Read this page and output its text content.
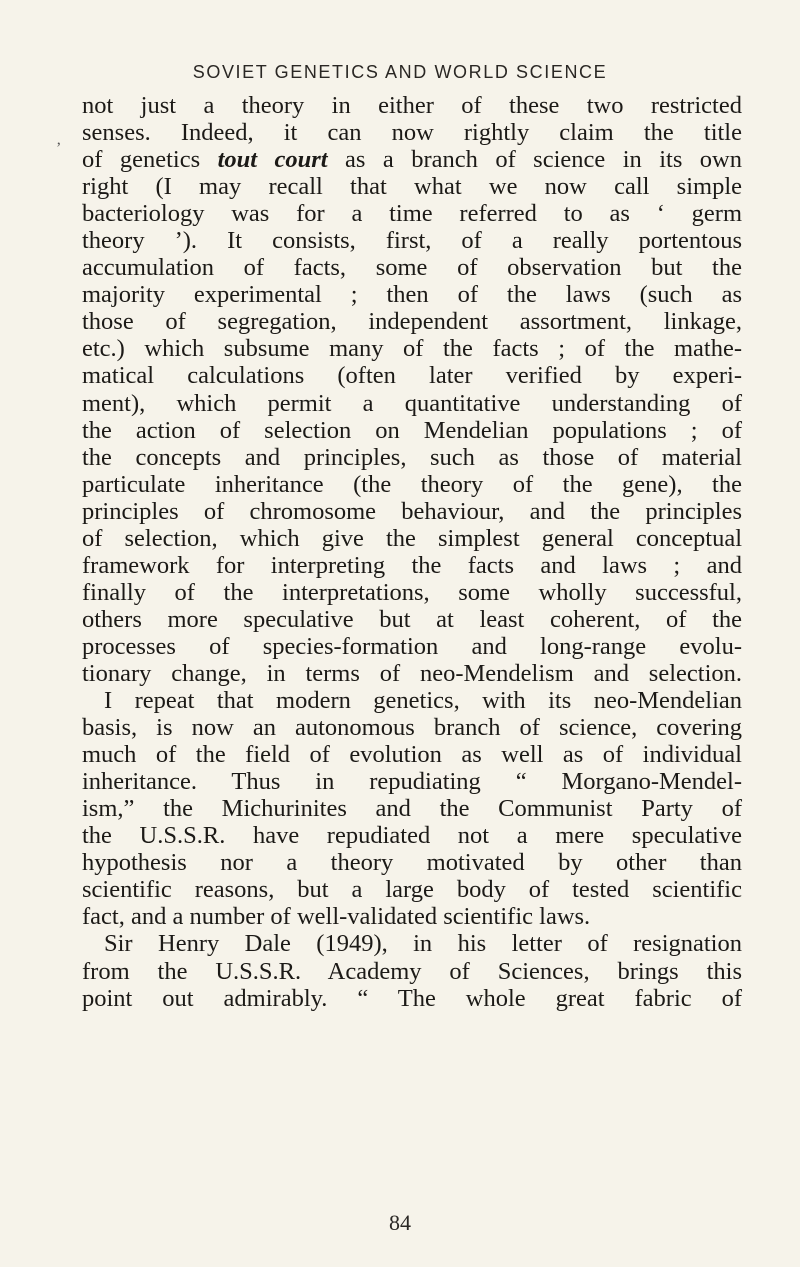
SOVIET GENETICS AND WORLD SCIENCE
’
not just a theory in either of these two restricted
senses. Indeed, it can now rightly claim the title
of genetics tout court as a branch of science in its own
right (I may recall that what we now call simple
bacteriology was for a time referred to as ‘ germ
theory ’). It consists, first, of a really portentous
accumulation of facts, some of observation but the
majority experimental ; then of the laws (such as
those of segregation, independent assortment, linkage,
etc.) which subsume many of the facts ; of the mathe-
matical calculations (often later verified by experi-
ment), which permit a quantitative understanding of
the action of selection on Mendelian populations ; of
the concepts and principles, such as those of material
particulate inheritance (the theory of the gene), the
principles of chromosome behaviour, and the principles
of selection, which give the simplest general conceptual
framework for interpreting the facts and laws ; and
finally of the interpretations, some wholly successful,
others more speculative but at least coherent, of the
processes of species-formation and long-range evolu-
tionary change, in terms of neo-Mendelism and selection.
I repeat that modern genetics, with its neo-Mendelian
basis, is now an autonomous branch of science, covering
much of the field of evolution as well as of individual
inheritance. Thus in repudiating “ Morgano-Mendel-
ism,” the Michurinites and the Communist Party of
the U.S.S.R. have repudiated not a mere speculative
hypothesis nor a theory motivated by other than
scientific reasons, but a large body of tested scientific
fact, and a number of well-validated scientific laws.
Sir Henry Dale (1949), in his letter of resignation
from the U.S.S.R. Academy of Sciences, brings this
point out admirably. “ The whole great fabric of
84
